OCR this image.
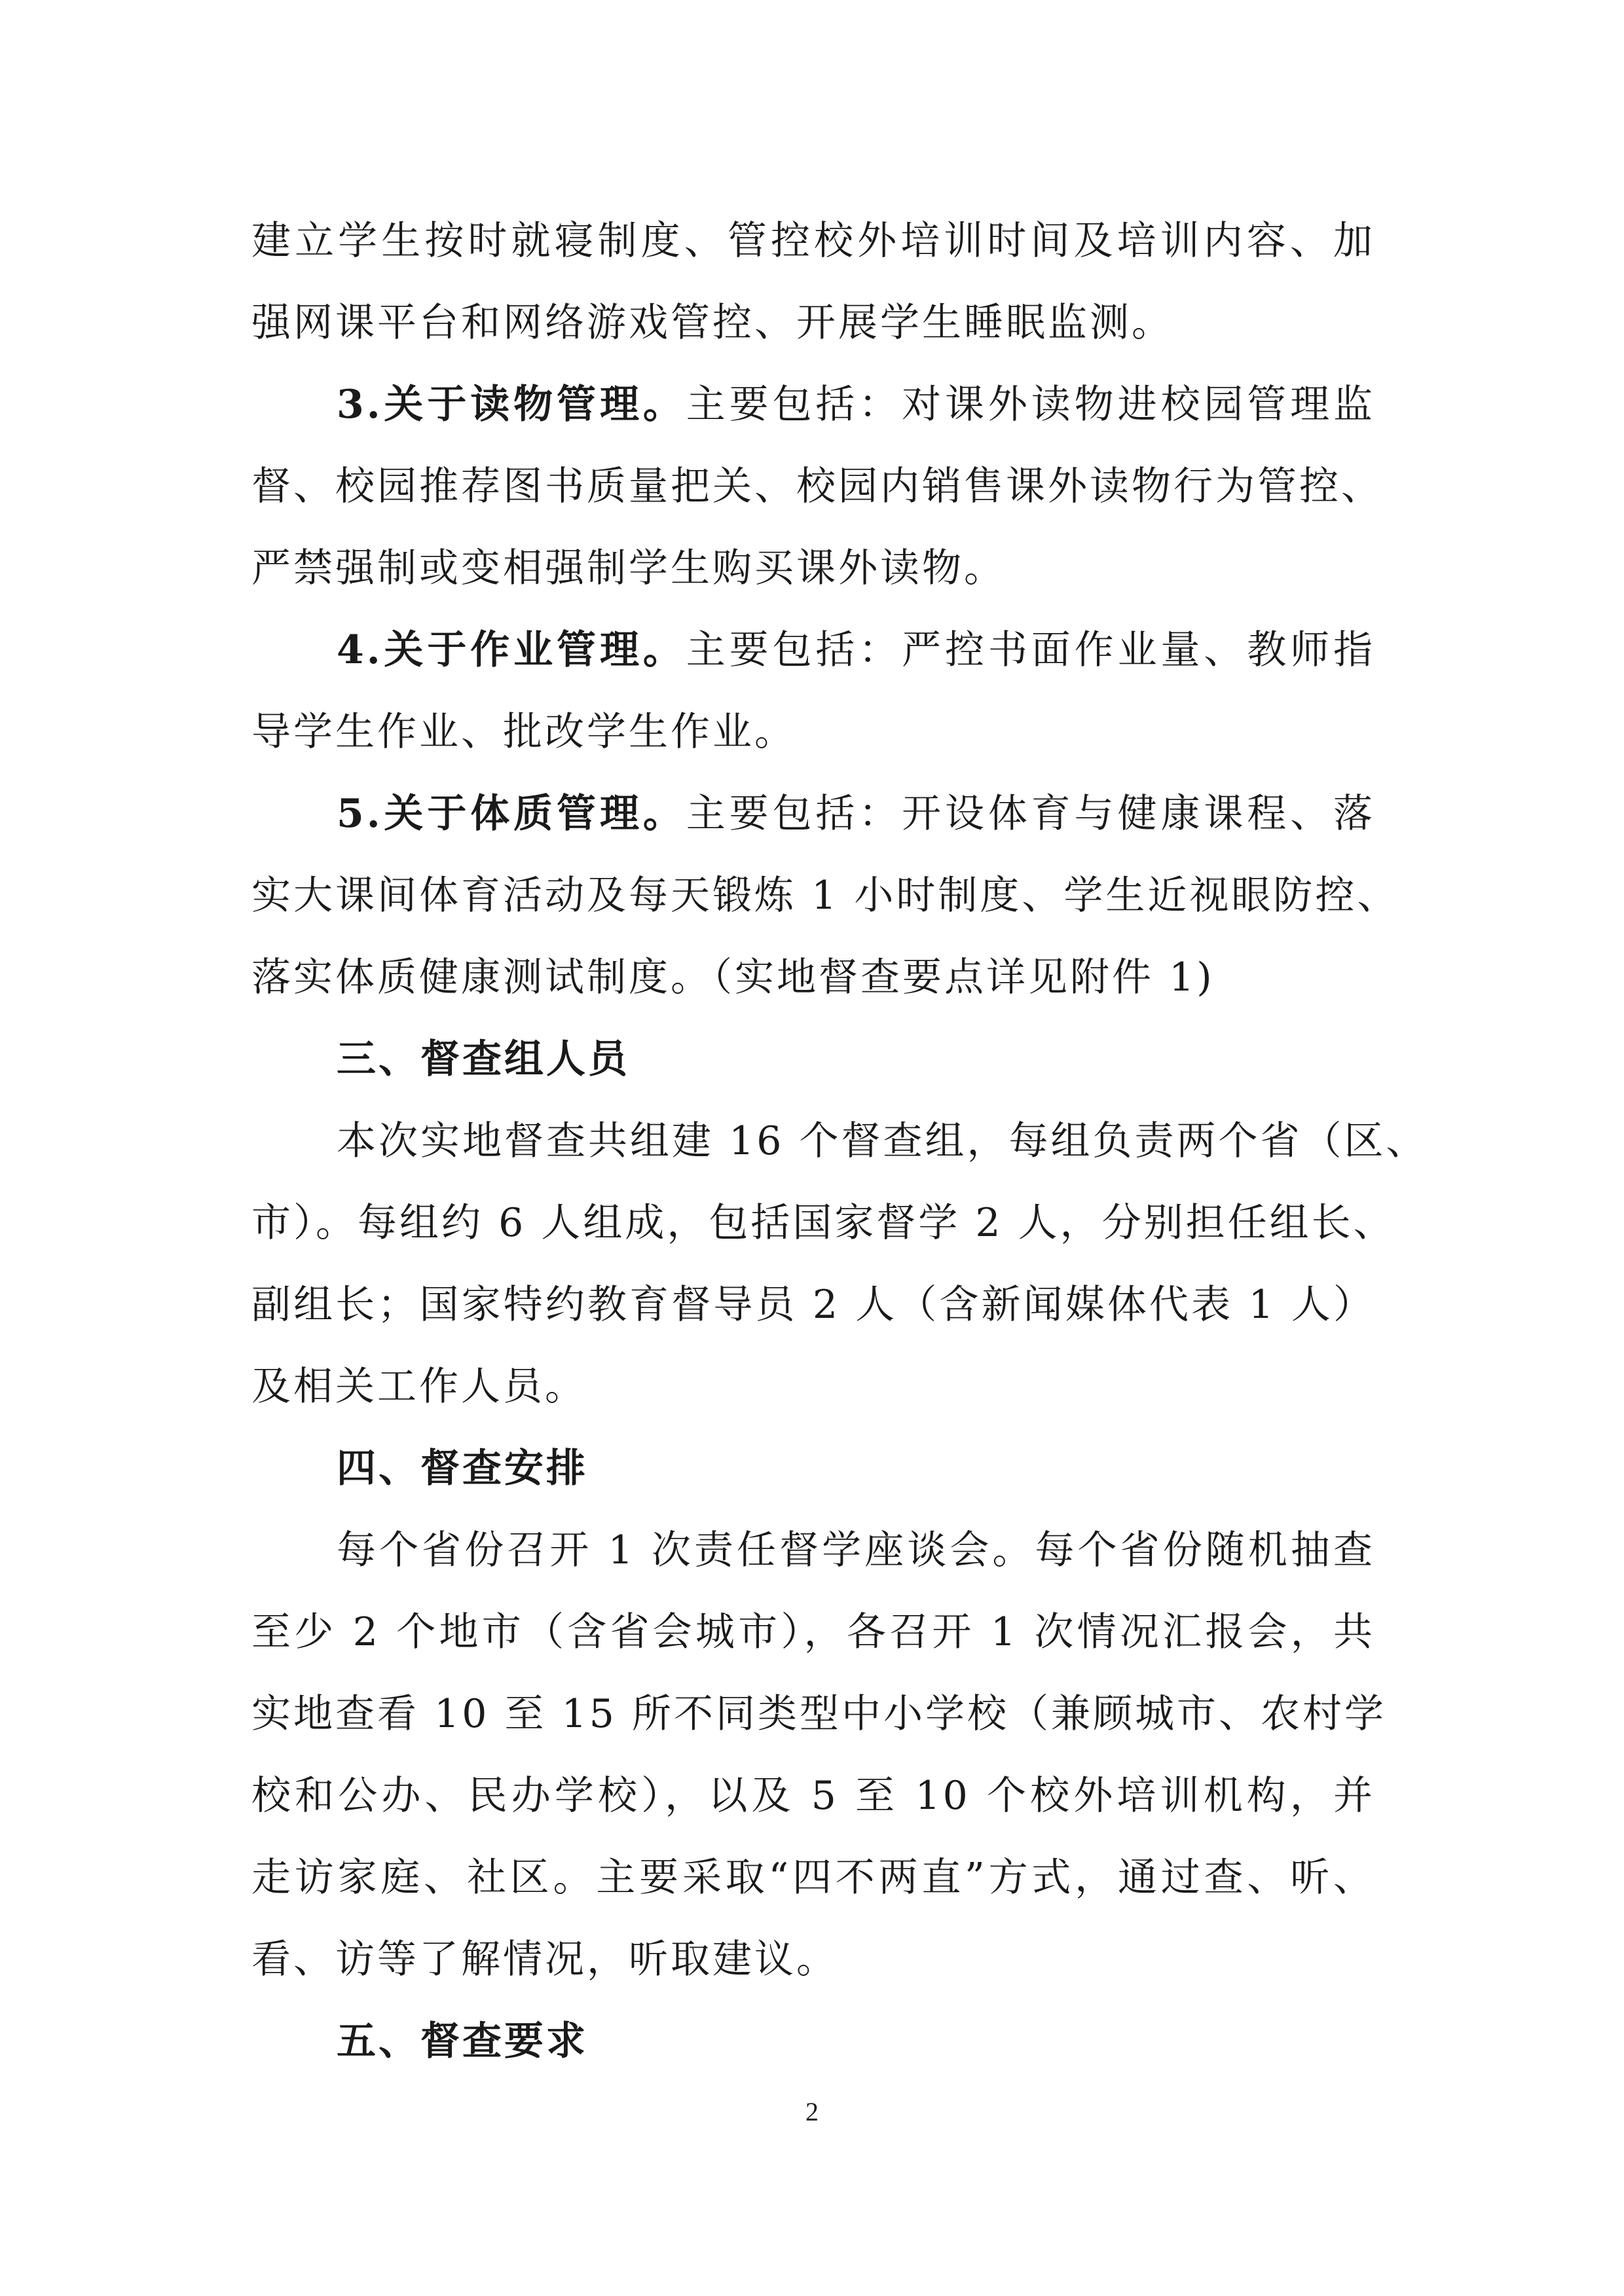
建立学生按时就寝制度、管控校外培训时间及培训内容、加
强网课平台和网络游戏管控、开展学生睡眠监测。
3.关于读物管理。主要包括：对课外读物进校园管理监
督、校园推荐图书质量把关、校园内销售课外读物行为管控、
严禁强制或变相强制学生购买课外读物。
4.关于作业管理。主要包括：严控书面作业量、教师指
导学生作业、批改学生作业。
5.关于体质管理。主要包括：开设体育与健康课程、落
实大课间体育活动及每天锻炼 1 小时制度、学生近视眼防控、
落实体质健康测试制度。（实地督查要点详见附件 1)
三、督查组人员
本次实地督查共组建 16 个督查组，每组负责两个省（区、
市）。每组约 6 人组成，包括国家督学 2 人，分别担任组长、
副组长；国家特约教育督导员 2 人（含新闻媒体代表 1 人）
及相关工作人员。
四、督查安排
每个省份召开 1 次责任督学座谈会。每个省份随机抽查
至少 2 个地市（含省会城市），各召开 1 次情况汇报会，共
实地查看 10 至 15 所不同类型中小学校（兼顾城市、农村学
校和公办、民办学校），以及 5 至 10 个校外培训机构，并
走访家庭、社区。主要采取“四不两直”方式，通过查、听、
看、访等了解情况，听取建议。
五、督查要求
2
